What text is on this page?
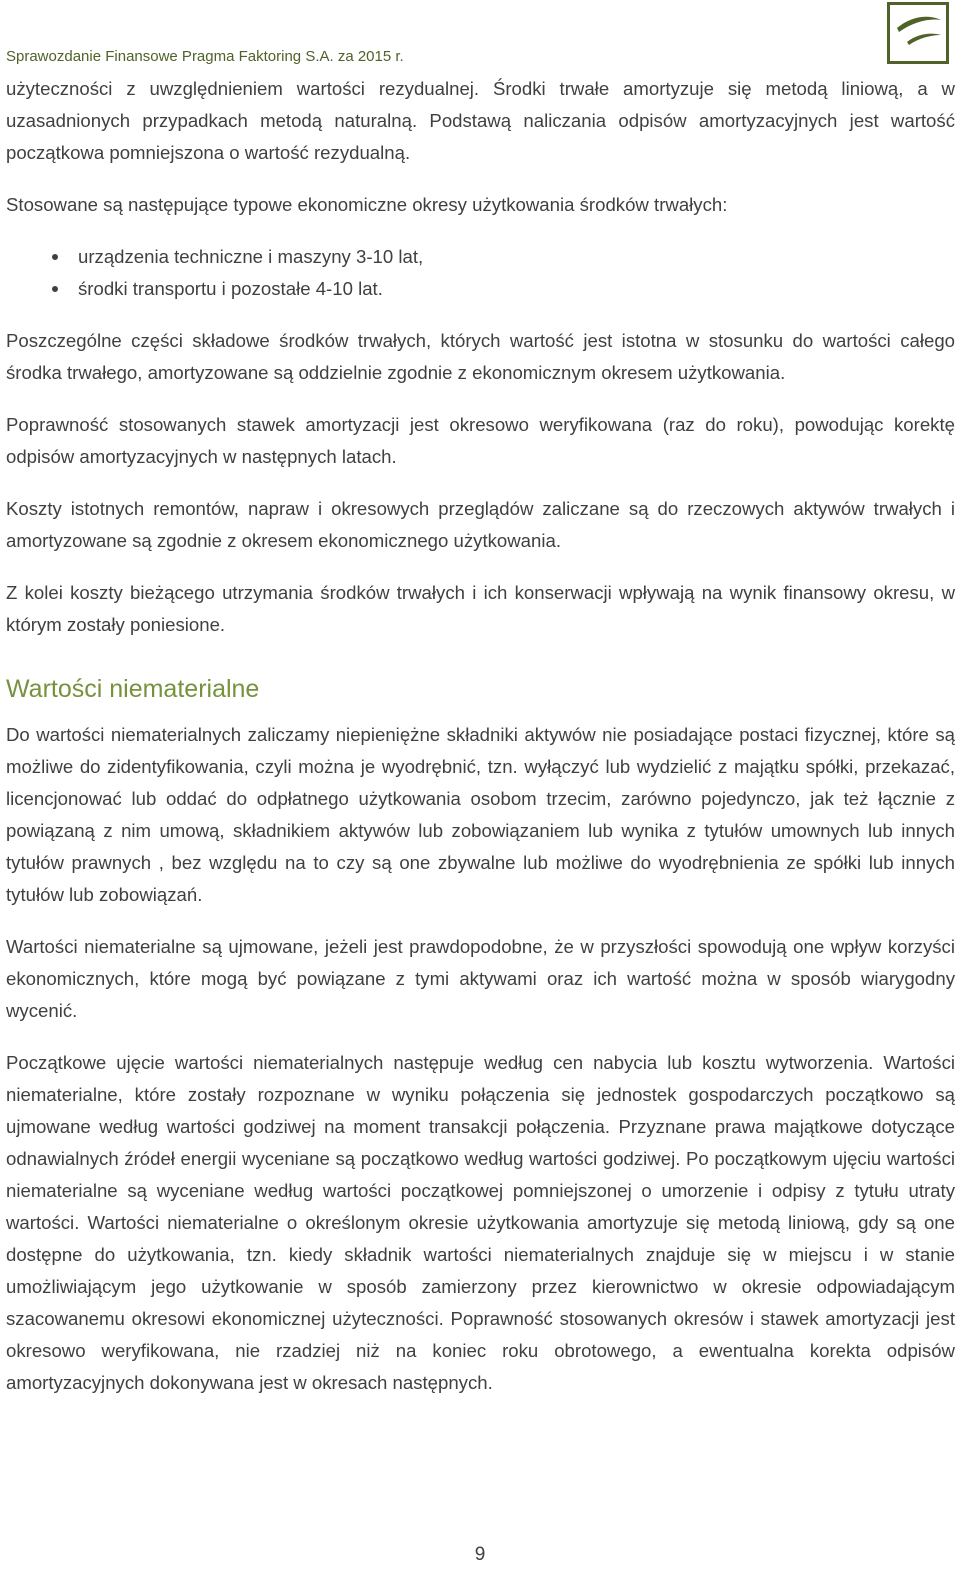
Sprawozdanie Finansowe Pragma Faktoring S.A. za 2015 r.

użyteczności z uwzględnieniem wartości rezydualnej. Środki trwałe amortyzuje się metodą liniową, a w uzasadnionych przypadkach metodą naturalną. Podstawą naliczania odpisów amortyzacyjnych jest wartość początkowa pomniejszona o wartość rezydualną.

Stosowane są następujące typowe ekonomiczne okresy użytkowania środków trwałych:

urządzenia techniczne i maszyny 3-10 lat,
środki transportu i pozostałe 4-10 lat.

Poszczególne części składowe środków trwałych, których wartość jest istotna w stosunku do wartości całego środka trwałego, amortyzowane są oddzielnie zgodnie z ekonomicznym okresem użytkowania.

Poprawność stosowanych stawek amortyzacji jest okresowo weryfikowana (raz do roku), powodując korektę odpisów amortyzacyjnych w następnych latach.

Koszty istotnych remontów, napraw i okresowych przeglądów zaliczane są do rzeczowych aktywów trwałych i amortyzowane są zgodnie z okresem ekonomicznego użytkowania.

Z kolei koszty bieżącego utrzymania środków trwałych i ich konserwacji wpływają na wynik finansowy okresu, w którym zostały poniesione.

Wartości niematerialne

Do wartości niematerialnych zaliczamy niepieniężne składniki aktywów nie posiadające postaci fizycznej, które są możliwe do zidentyfikowania, czyli można je wyodrębnić, tzn. wyłączyć lub wydzielić z majątku spółki, przekazać, licencjonować lub oddać do odpłatnego użytkowania osobom trzecim, zarówno pojedynczo, jak też łącznie z powiązaną z nim umową, składnikiem aktywów lub zobowiązaniem lub wynika z tytułów umownych lub innych tytułów prawnych , bez względu na to czy są one zbywalne lub możliwe do wyodrębnienia ze spółki lub innych tytułów lub zobowiązań.

Wartości niematerialne są ujmowane, jeżeli jest prawdopodobne, że w przyszłości spowodują one wpływ korzyści ekonomicznych, które mogą być powiązane z tymi aktywami oraz ich wartość można w sposób wiarygodny wycenić.

Początkowe ujęcie wartości niematerialnych następuje według cen nabycia lub kosztu wytworzenia. Wartości niematerialne, które zostały rozpoznane w wyniku połączenia się jednostek gospodarczych początkowo są ujmowane według wartości godziwej na moment transakcji połączenia. Przyznane prawa majątkowe dotyczące odnawialnych źródeł energii wyceniane są początkowo według wartości godziwej. Po początkowym ujęciu wartości niematerialne są wyceniane według wartości początkowej pomniejszonej o umorzenie i odpisy z tytułu utraty wartości. Wartości niematerialne o określonym okresie użytkowania amortyzuje się metodą liniową, gdy są one dostępne do użytkowania, tzn. kiedy składnik wartości niematerialnych znajduje się w miejscu i w stanie umożliwiającym jego użytkowanie w sposób zamierzony przez kierownictwo w okresie odpowiadającym szacowanemu okresowi ekonomicznej użyteczności. Poprawność stosowanych okresów i stawek amortyzacji jest okresowo weryfikowana, nie rzadziej niż na koniec roku obrotowego, a ewentualna korekta odpisów amortyzacyjnych dokonywana jest w okresach następnych.

9
